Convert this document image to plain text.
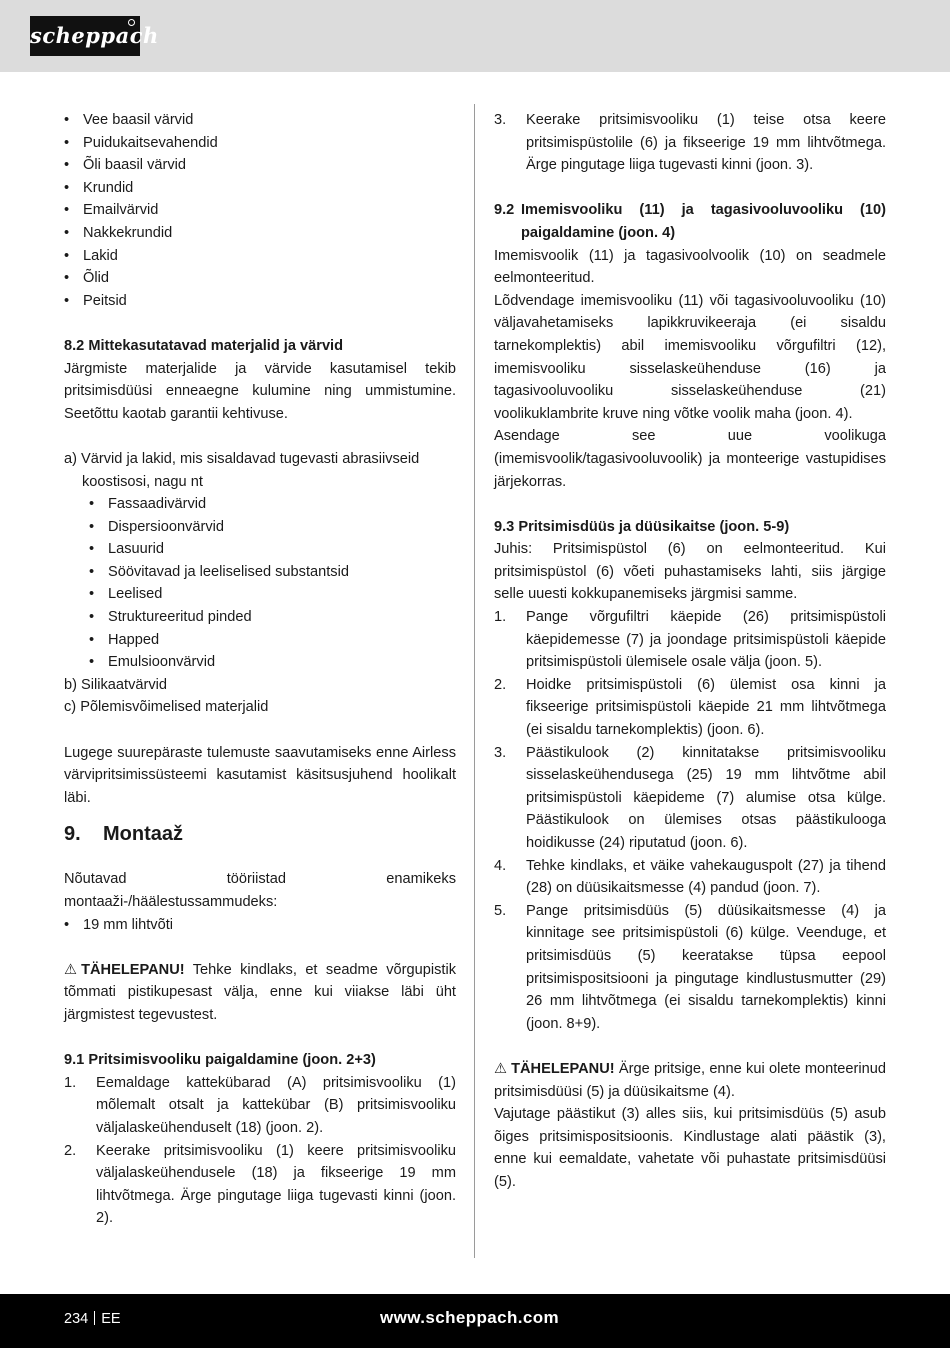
scheppach
• Vee baasil värvid
• Puidukaitsevahendid
• Õli baasil värvid
• Krundid
• Emailvärvid
• Nakkekrundid
• Lakid
• Õlid
• Peitsid

8.2 Mittekasutatavad materjalid ja värvid

Järgmiste materjalide ja värvide kasutamisel tekib pritsimisdüüsi enneaegne kulumine ning ummistumine. Seetõttu kaotab garantii kehtivuse.

a) Värvid ja lakid, mis sisaldavad tugevasti abrasiivseid koostisosi, nagu nt

• Fassaadivärvid
• Dispersioonvärvid
• Lasuurid
• Söövitavad ja leeliselised substantsid
• Leelised
• Struktureeritud pinded
• Happed
• Emulsioonvärvid

b) Silikaatvärvid

c) Põlemisvõimelised materjalid

Lugege suurepäraste tulemuste saavutamiseks enne Airless värvipritsimissüsteemi kasutamist käsitsusjuhend hoolikalt läbi.

9.	Montaaž

Nõutavad tööriistad enamikeks montaaži-/häälestussammudeks:

• 19 mm lihtvõti

⚠ TÄHELEPANU! Tehke kindlaks, et seadme võrgupistik tõmmati pistikupesast välja, enne kui viiakse läbi üht järgmistest tegevustest.

9.1 Pritsimisvooliku paigaldamine (joon. 2+3)

1.	Eemaldage kattekübarad (A) pritsimisvooliku (1) mõlemalt otsalt ja kattekübar (B) pritsimisvooliku väljalaskeühenduselt (18) (joon. 2).
2.	Keerake pritsimisvooliku (1) keere pritsimisvooliku väljalaskeühendusele (18) ja fikseerige 19 mm lihtvõtmega. Ärge pingutage liiga tugevasti kinni (joon. 2).
3.	Keerake pritsimisvooliku (1) teise otsa keere pritsimispüstolile (6) ja fikseerige 19 mm lihtvõtmega. Ärge pingutage liiga tugevasti kinni (joon. 3).
9.2 Imemisvooliku (11) ja tagasivooluvooliku (10) paigaldamine (joon. 4)

Imemisvoolik (11) ja tagasivoolvoolik (10) on seadmele eelmonteeritud.

Lõdvendage imemisvooliku (11) või tagasivooluvooliku (10) väljavahetamiseks lapikkruvikeeraja (ei sisaldu tarnekomplektis) abil imemisvooliku võrgufiltri (12), imemisvooliku sisselaskeühenduse (16) ja tagasivooluvooliku sisselaskeühenduse (21) voolikuklambrite kruve ning võtke voolik maha (joon. 4).

Asendage see uue voolikuga (imemisvoolik/tagasivooluvoolik) ja monteerige vastupidises järjekorras.

9.3 Pritsimisdüüs ja düüsikaitse (joon. 5-9)

Juhis: Pritsimispüstol (6) on eelmonteeritud. Kui pritsimispüstol (6) võeti puhastamiseks lahti, siis järgige selle uuesti kokkupanemiseks järgmisi samme.

1.	Pange võrgufiltri käepide (26) pritsimispüstoli käepidemesse (7) ja joondage pritsimispüstoli käepide pritsimispüstoli ülemisele osale välja (joon. 5).
2.	Hoidke pritsimispüstoli (6) ülemist osa kinni ja fikseerige pritsimispüstoli käepide 21 mm lihtvõtmega (ei sisaldu tarnekomplektis) (joon. 6).
3.	Päästikulook (2) kinnitatakse pritsimisvooliku sisselaskeühendusega (25) 19 mm lihtvõtme abil pritsimispüstoli käepideme (7) alumise otsa külge. Päästikulook on ülemises otsas päästikulooga hoidikusse (24) riputatud (joon. 6).
4.	Tehke kindlaks, et väike vahekauguspolt (27) ja tihend (28) on düüsikaitsmesse (4) pandud (joon. 7).
5.	Pange pritsimisdüüs (5) düüsikaitsmesse (4) ja kinnitage see pritsimispüstoli (6) külge. Veenduge, et pritsimisdüüs (5) keeratakse tüpsa eepool pritsimispositsiooni ja pingutage kindlustusmutter (29) 26 mm lihtvõtmega (ei sisaldu tarnekomplektis) kinni (joon. 8+9).

⚠ TÄHELEPANU! Ärge pritsige, enne kui olete monteerinud pritsimisdüüsi (5) ja düüsikaitsme (4).

Vajutage päästikut (3) alles siis, kui pritsimisdüüs (5) asub õiges pritsimispositsioonis. Kindlustage alati päästik (3), enne kui eemaldate, vahetate või puhastate pritsimisdüüsi (5).

234 EE	www.scheppach.com
